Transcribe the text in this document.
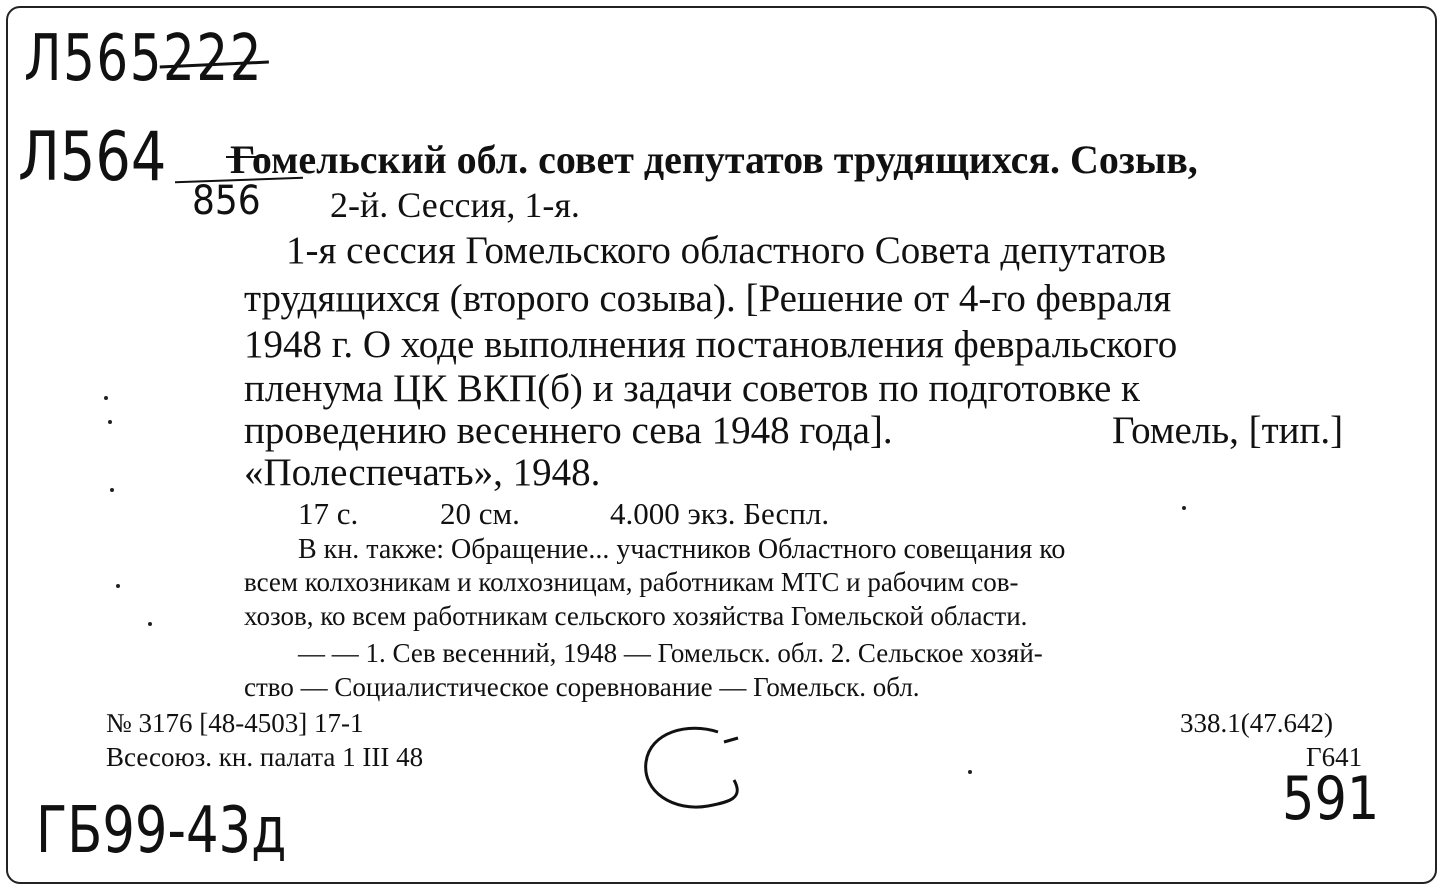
Л565222
Л564
856
Гомельский обл. совет депутатов трудящихся. Созыв,
2-й. Сессия, 1-я.
1-я сессия Гомельского областного Совета депутатов
трудящихся (второго созыва). [Решение от 4-го февраля
1948 г. О ходе выполнения постановления февральского
пленума ЦК ВКП(б) и задачи советов по подготовке к
проведению весеннего сева 1948 года].	Гомель, [тип.]
«Полеспечать», 1948.
17 с.	20 см.	4.000 экз. Беспл.
В кн. также: Обращение... участников Областного совещания ко
всем колхозникам и колхозницам, работникам МТС и рабочим сов-
хозов, ко всем работникам сельского хозяйства Гомельской области.
— — 1. Сев весенний, 1948 — Гомельск. обл. 2. Сельское хозяй-
ство — Социалистическое соревнование — Гомельск. обл.
№ 3176 [48-4503] 17-1
Всесоюз. кн. палата 1 III 48
338.1(47.642)
Г641
ГБ99-43д	591
